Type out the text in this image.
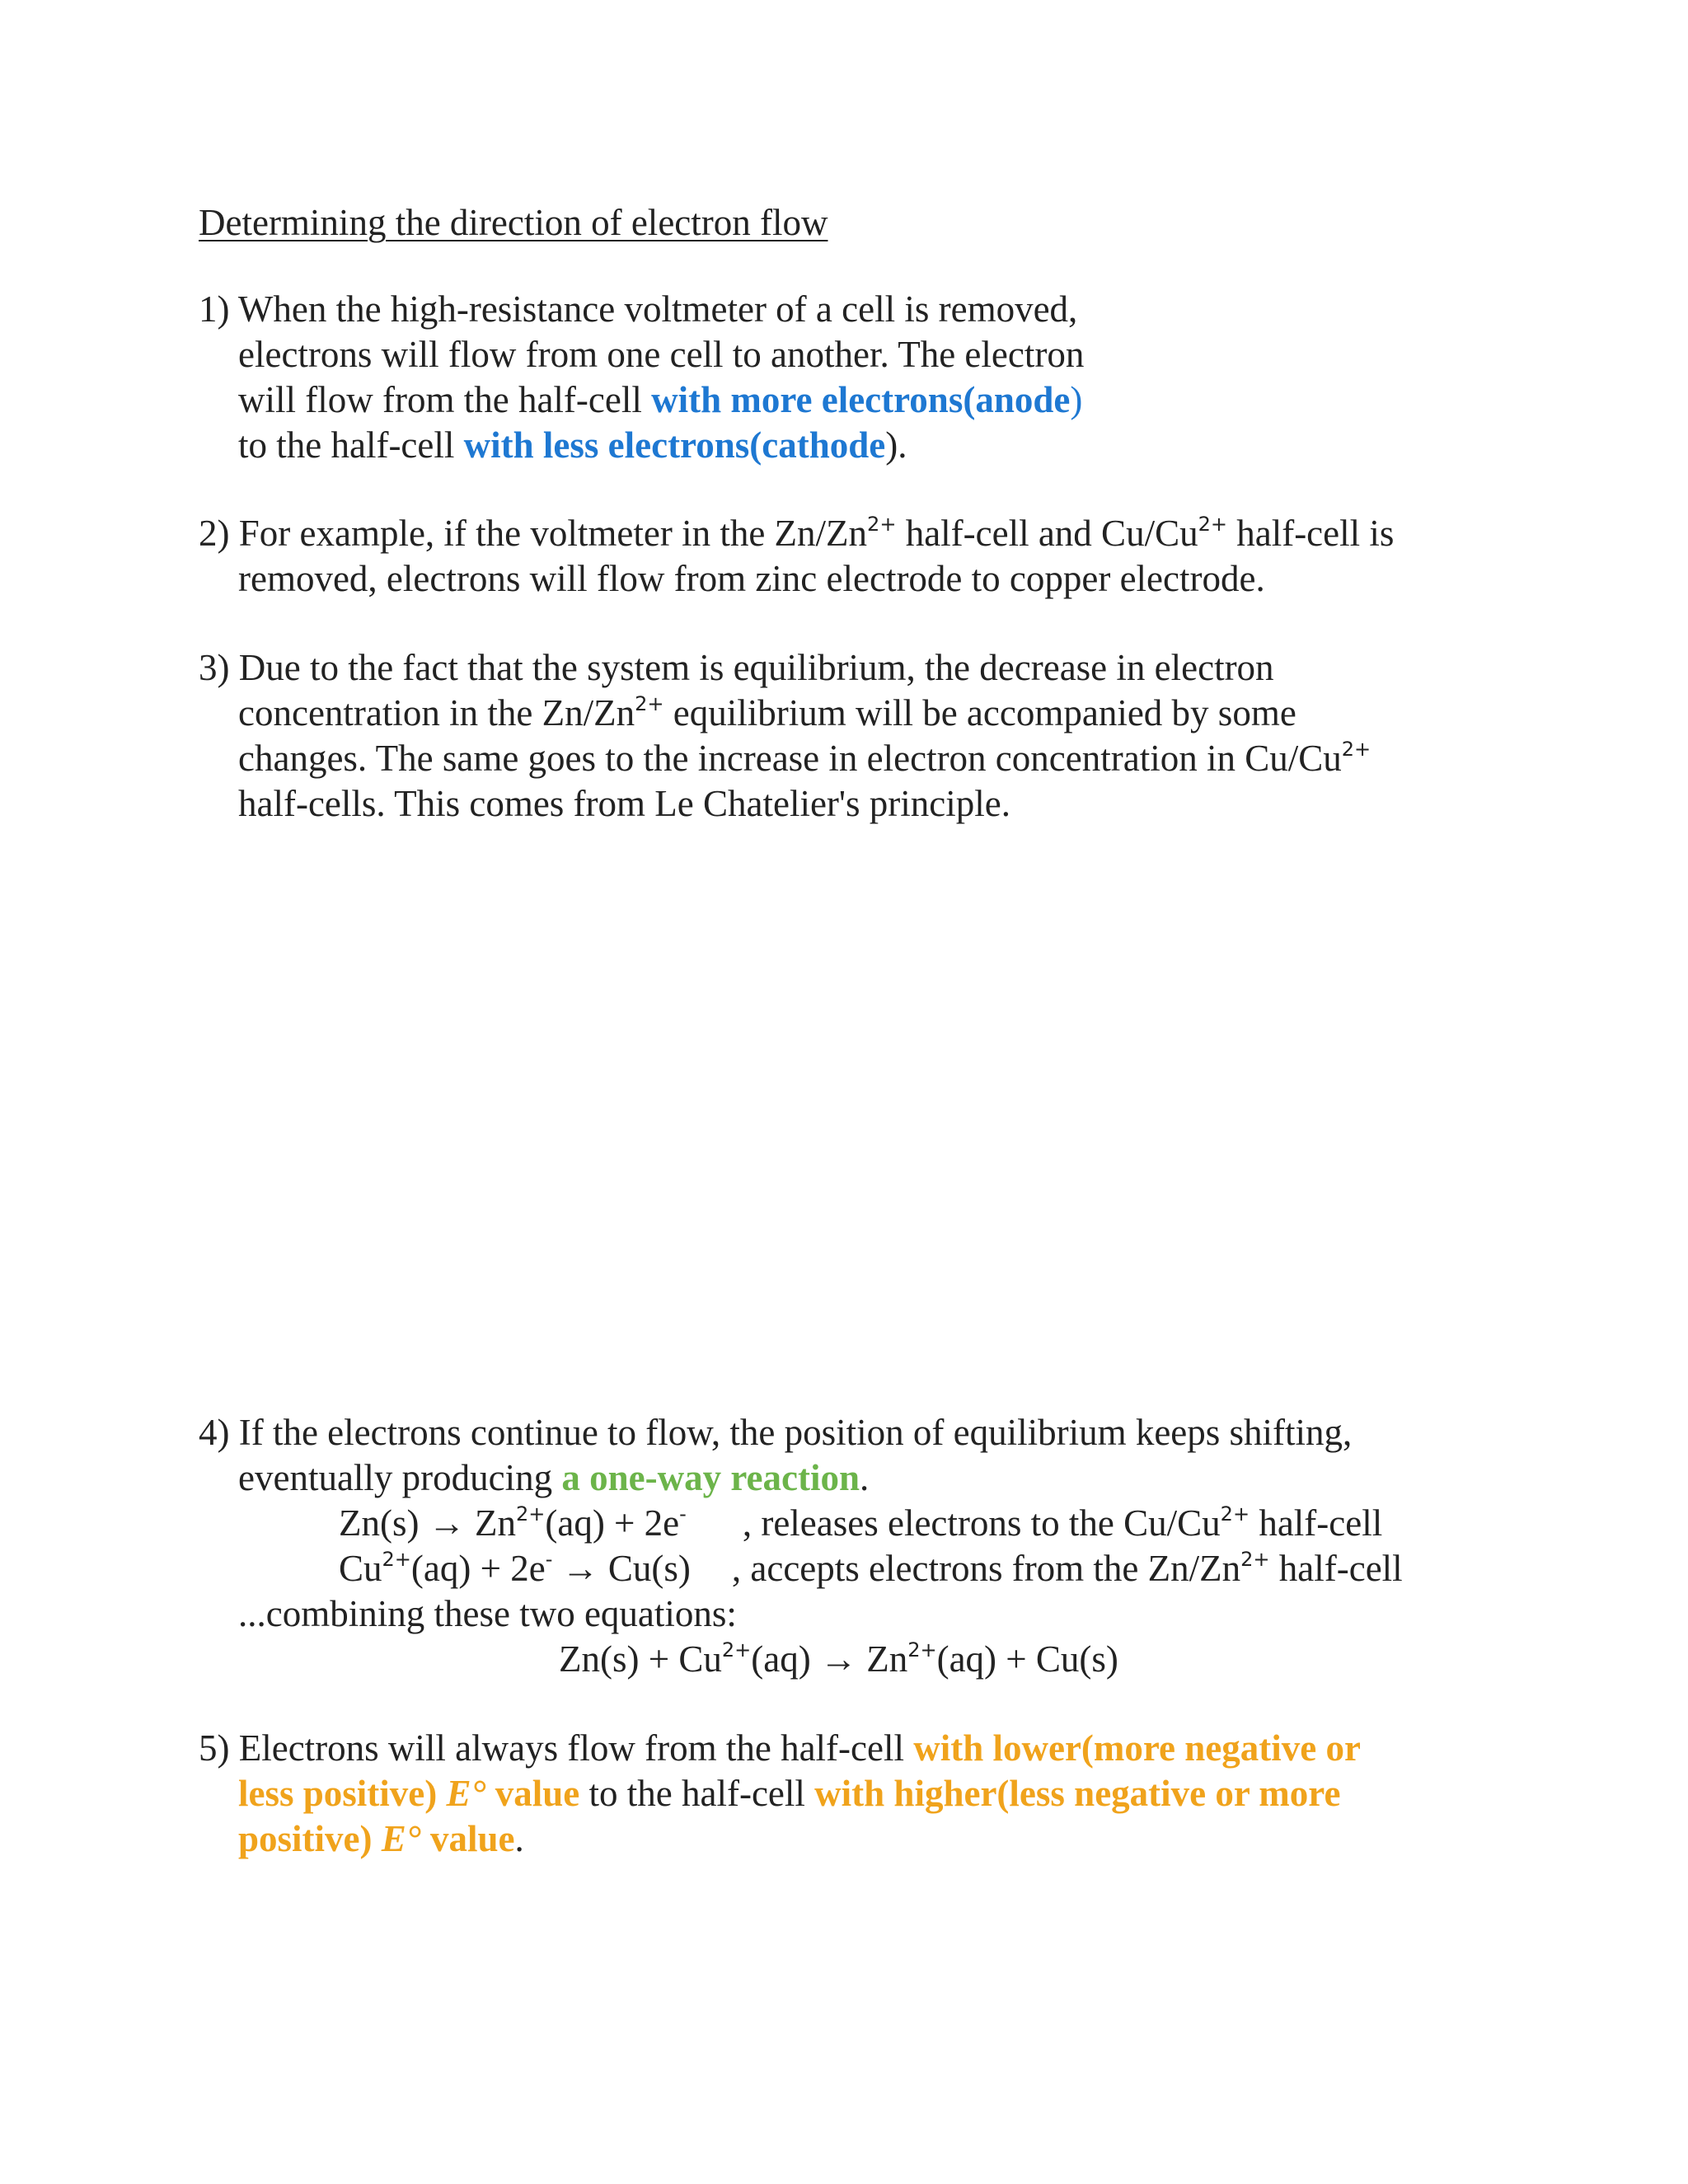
Determining the direction of electron flow
1) When the high-resistance voltmeter of a cell is removed,
electrons will flow from one cell to another. The electron
will flow from the half-cell with more electrons(anode)
to the half-cell with less electrons(cathode).
2) For example, if the voltmeter in the $Zn/Zn^{2+}$ half-cell and $Cu/Cu^{2+}$ half-cell is
removed, electrons will flow from zinc electrode to copper electrode.
3) Due to the fact that the system is equilibrium, the decrease in electron
concentration in the $Zn/Zn^{2+}$ equilibrium will be accompanied by some
changes. The same goes to the increase in electron concentration in $Cu/Cu^{2+}$
half-cells. This comes from Le Chatelier's principle.
4) If the electrons continue to flow, the position of equilibrium keeps shifting,
eventually producing a one-way reaction.
$Zn(s) \to Zn^{2+}(aq) + 2e^-$ , releases electrons to the $Cu/Cu^{2+}$ half-cell
$Cu^{2+}(aq) + 2e^- \to Cu(s)$ , accepts electrons from the $Zn/Zn^{2+}$ half-cell
...combining these two equations:
$Zn(s) + Cu^{2+}(aq) \to Zn^{2+}(aq) + Cu(s)$
5) Electrons will always flow from the half-cell with lower(more negative or
less positive) E° value to the half-cell with higher(less negative or more
positive) E° value.
